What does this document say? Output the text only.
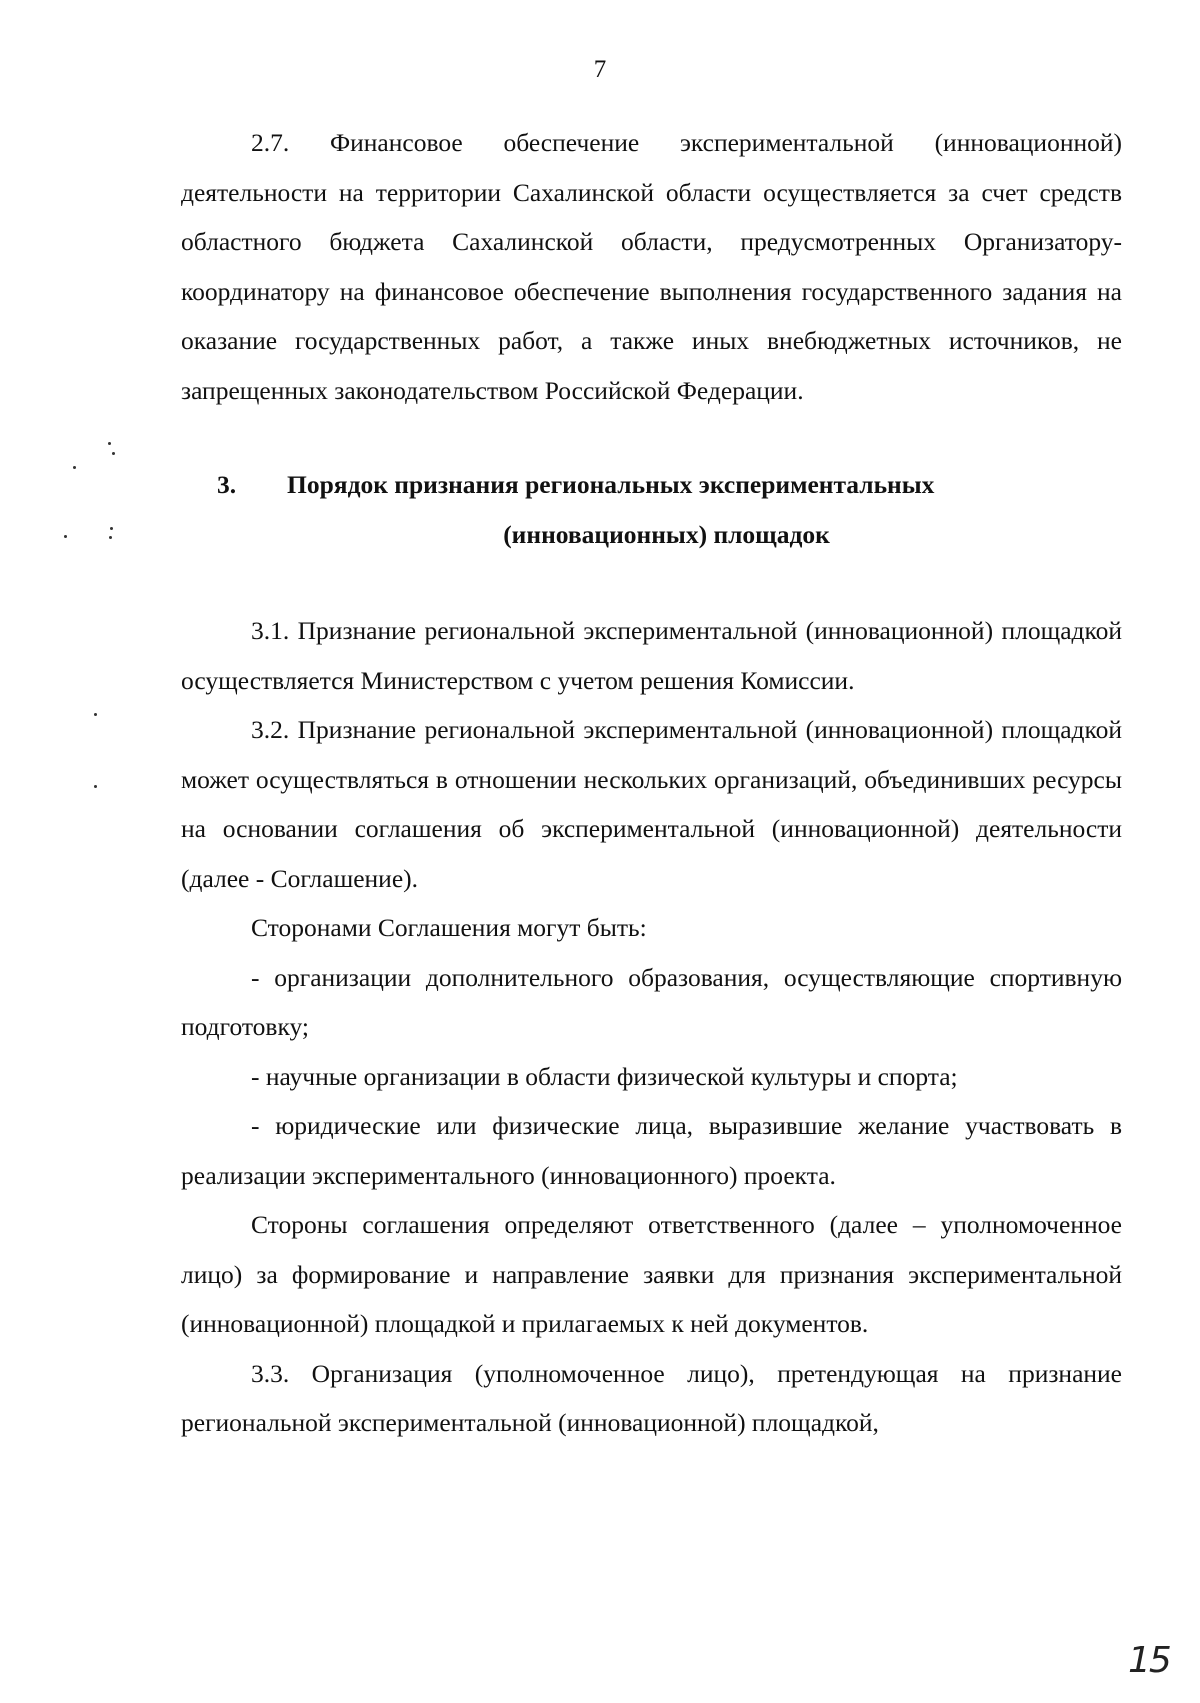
7

2.7. Финансовое обеспечение экспериментальной (инновационной) деятельности на территории Сахалинской области осуществляется за счет средств областного бюджета Сахалинской области, предусмотренных Организатору-координатору на финансовое обеспечение выполнения государственного задания на оказание государственных работ, а также иных внебюджетных источников, не запрещенных законодательством Российской Федерации.

3.	Порядок признания региональных экспериментальных
(инновационных) площадок

3.1. Признание региональной экспериментальной (инновационной) площадкой осуществляется Министерством с учетом решения Комиссии.

3.2. Признание региональной экспериментальной (инновационной) площадкой может осуществляться в отношении нескольких организаций, объединивших ресурсы на основании соглашения об экспериментальной (инновационной) деятельности (далее - Соглашение).

Сторонами Соглашения могут быть:

- организации дополнительного образования, осуществляющие спортивную подготовку;

- научные организации в области физической культуры и спорта;

- юридические или физические лица, выразившие желание участвовать в реализации экспериментального (инновационного) проекта.

Стороны соглашения определяют ответственного (далее – уполномоченное лицо) за формирование и направление заявки для признания экспериментальной (инновационной) площадкой и прилагаемых к ней документов.

3.3. Организация (уполномоченное лицо), претендующая на признание региональной экспериментальной (инновационной) площадкой,

15
